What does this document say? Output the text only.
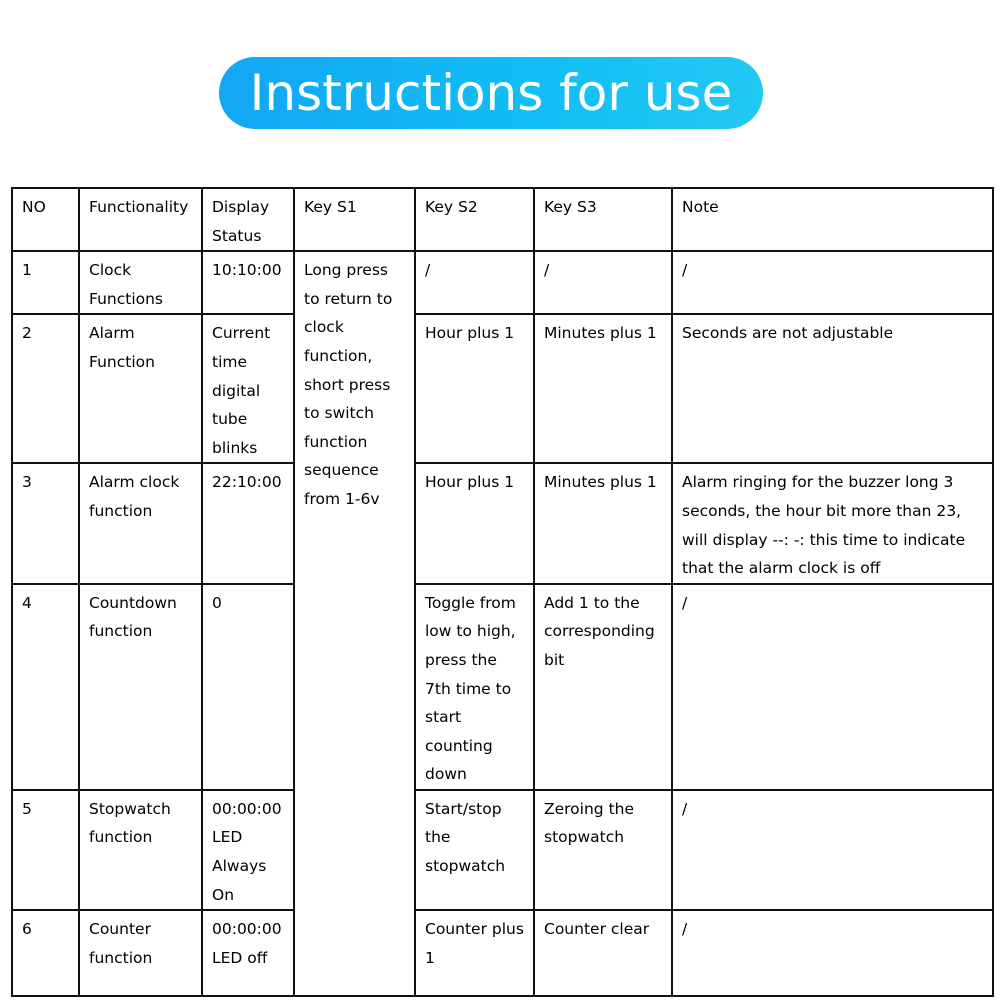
Instructions for use
NO	Functionality	Display Status	Key S1	Key S2	Key S3	Note
1	Clock Functions	10:10:00	Long press to return to clock function, short press to switch function sequence from 1-6v	/	/	/
2	Alarm Function	Current time digital tube blinks		Hour plus 1	Minutes plus 1	Seconds are not adjustable
3	Alarm clock function	22:10:00		Hour plus 1	Minutes plus 1	Alarm ringing for the buzzer long 3 seconds, the hour bit more than 23, will display --: -: this time to indicate that the alarm clock is off
4	Countdown function	0		Toggle from low to high, press the 7th time to start counting down	Add 1 to the corresponding bit	/
5	Stopwatch function	00:00:00 LED Always On		Start/stop the stopwatch	Zeroing the stopwatch	/
6	Counter function	00:00:00 LED off		Counter plus 1	Counter clear	/
